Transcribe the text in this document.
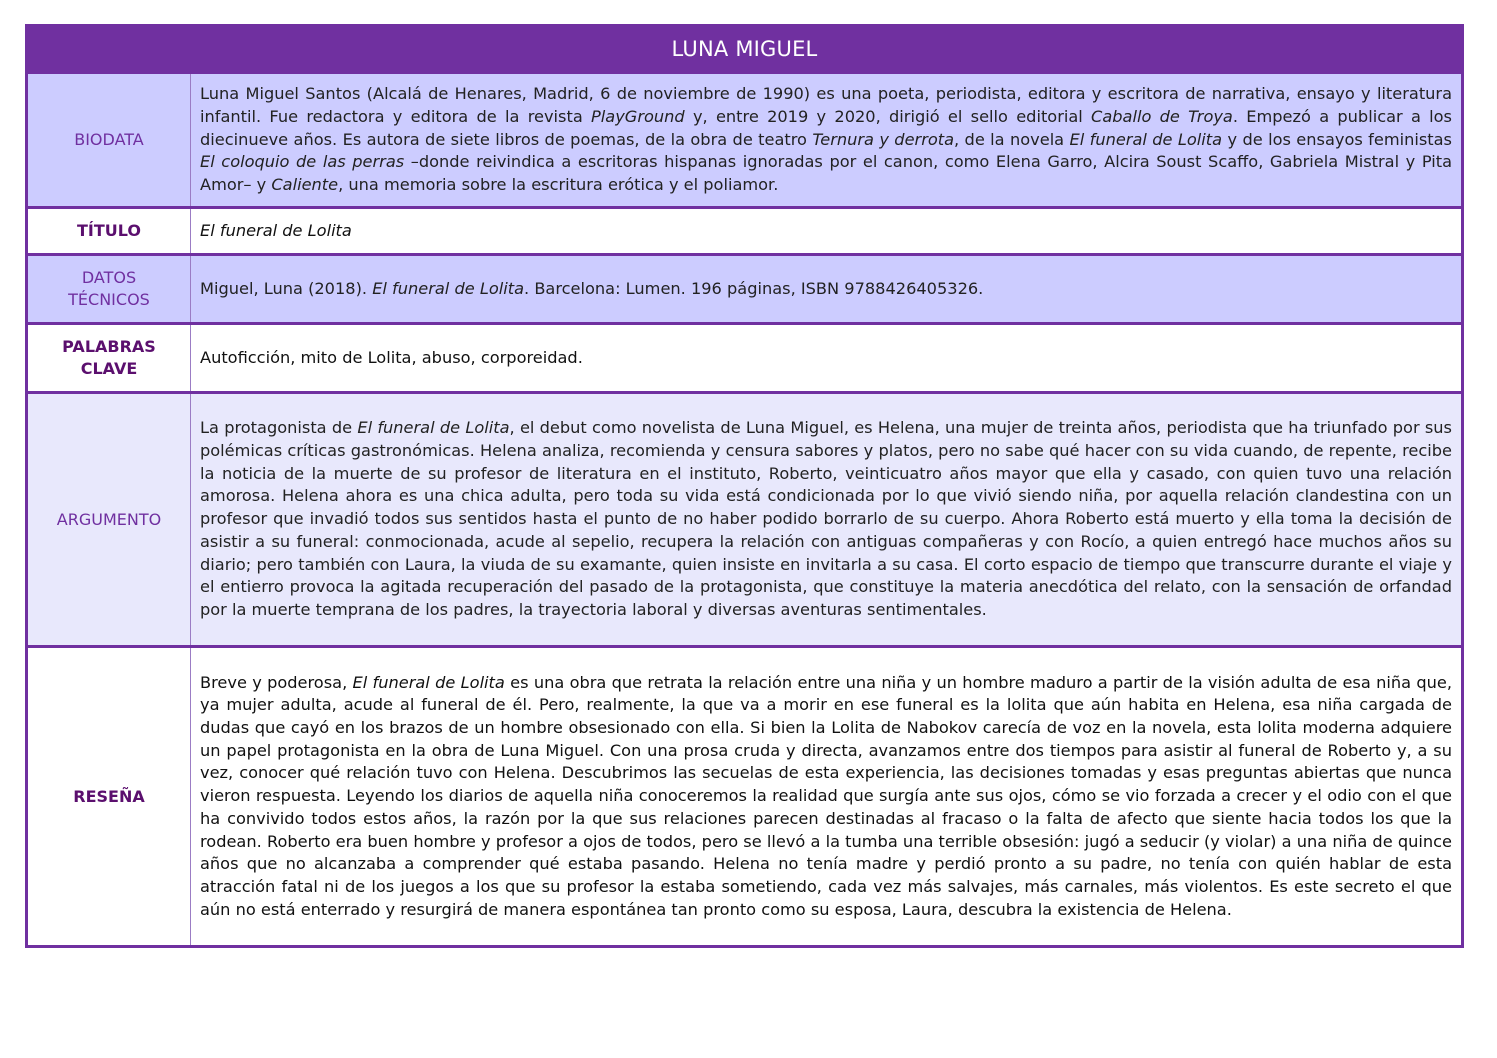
LUNA MIGUEL
BIODATA

Luna Miguel Santos (Alcalá de Henares, Madrid, 6 de noviembre de 1990) es una poeta, periodista, editora y escritora de narrativa, ensayo y literatura infantil. Fue redactora y editora de la revista PlayGround y, entre 2019 y 2020, dirigió el sello editorial Caballo de Troya. Empezó a publicar a los diecinueve años. Es autora de siete libros de poemas, de la obra de teatro Ternura y derrota, de la novela El funeral de Lolita y de los ensayos feministas El coloquio de las perras –donde reivindica a escritoras hispanas ignoradas por el canon, como Elena Garro, Alcira Soust Scaffo, Gabriela Mistral y Pita Amor– y Caliente, una memoria sobre la escritura erótica y el poliamor.

TÍTULO	El funeral de Lolita

DATOS
TÉCNICOS

Miguel, Luna (2018). El funeral de Lolita. Barcelona: Lumen. 196 páginas, ISBN 9788426405326.

PALABRAS
CLAVE

Autoficción, mito de Lolita, abuso, corporeidad.

ARGUMENTO

La protagonista de El funeral de Lolita, el debut como novelista de Luna Miguel, es Helena, una mujer de treinta años, periodista que ha triunfado por sus polémicas críticas gastronómicas. Helena analiza, recomienda y censura sabores y platos, pero no sabe qué hacer con su vida cuando, de repente, recibe la noticia de la muerte de su profesor de literatura en el instituto, Roberto, veinticuatro años mayor que ella y casado, con quien tuvo una relación amorosa. Helena ahora es una chica adulta, pero toda su vida está condicionada por lo que vivió siendo niña, por aquella relación clandestina con un profesor que invadió todos sus sentidos hasta el punto de no haber podido borrarlo de su cuerpo. Ahora Roberto está muerto y ella toma la decisión de asistir a su funeral: conmocionada, acude al sepelio, recupera la relación con antiguas compañeras y con Rocío, a quien entregó hace muchos años su diario; pero también con Laura, la viuda de su examante, quien insiste en invitarla a su casa. El corto espacio de tiempo que transcurre durante el viaje y el entierro provoca la agitada recuperación del pasado de la protagonista, que constituye la materia anecdótica del relato, con la sensación de orfandad por la muerte temprana de los padres, la trayectoria laboral y diversas aventuras sentimentales.

RESEÑA

Breve y poderosa, El funeral de Lolita es una obra que retrata la relación entre una niña y un hombre maduro a partir de la visión adulta de esa niña que, ya mujer adulta, acude al funeral de él. Pero, realmente, la que va a morir en ese funeral es la lolita que aún habita en Helena, esa niña cargada de dudas que cayó en los brazos de un hombre obsesionado con ella. Si bien la Lolita de Nabokov carecía de voz en la novela, esta lolita moderna adquiere un papel protagonista en la obra de Luna Miguel. Con una prosa cruda y directa, avanzamos entre dos tiempos para asistir al funeral de Roberto y, a su vez, conocer qué relación tuvo con Helena. Descubrimos las secuelas de esta experiencia, las decisiones tomadas y esas preguntas abiertas que nunca vieron respuesta. Leyendo los diarios de aquella niña conoceremos la realidad que surgía ante sus ojos, cómo se vio forzada a crecer y el odio con el que ha convivido todos estos años, la razón por la que sus relaciones parecen destinadas al fracaso o la falta de afecto que siente hacia todos los que la rodean. Roberto era buen hombre y profesor a ojos de todos, pero se llevó a la tumba una terrible obsesión: jugó a seducir (y violar) a una niña de quince años que no alcanzaba a comprender qué estaba pasando. Helena no tenía madre y perdió pronto a su padre, no tenía con quién hablar de esta atracción fatal ni de los juegos a los que su profesor la estaba sometiendo, cada vez más salvajes, más carnales, más violentos. Es este secreto el que aún no está enterrado y resurgirá de manera espontánea tan pronto como su esposa, Laura, descubra la existencia de Helena.
